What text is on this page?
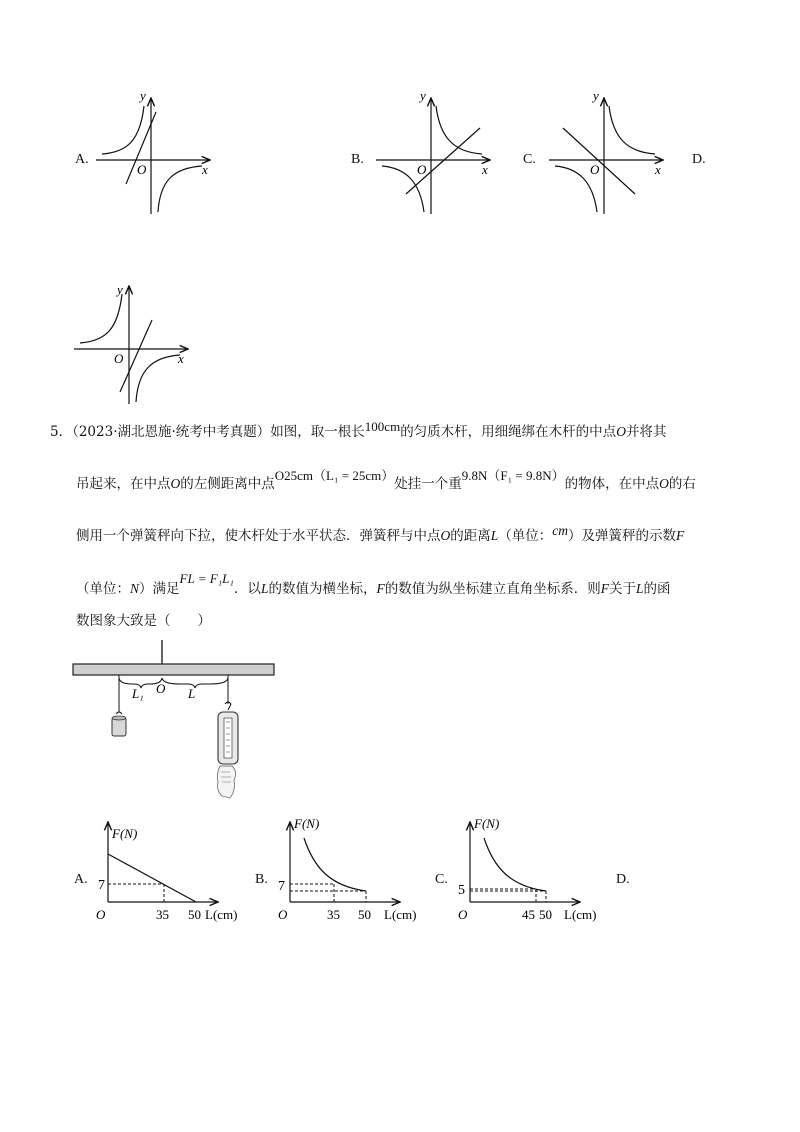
A.	B.	C.	D.
y
x
O
y
x
O
y
x
O
y
x
O
5．（2023·湖北恩施·统考中考真题）如图，取一根长100cm的匀质木杆，用细绳绑在木杆的中点O并将其
吊起来，在中点O的左侧距离中点O25cm（L₁ = 25cm）处挂一个重9.8N（F₁ = 9.8N）的物体，在中点O的右
侧用一个弹簧秤向下拉，使木杆处于水平状态．弹簧秤与中点O的距离L（单位：cm）及弹簧秤的示数F
（单位：N）满足FL = F₁L₁．以L的数值为横坐标，F的数值为纵坐标建立直角坐标系．则F关于L的函
数图象大致是（　　）
L₁ O L
A.	B.	C.	D.
F(N)
7
O	35 50 L(cm)
F(N)
7
O	35 50 L(cm)
F(N)
5
O	45 50 L(cm)
